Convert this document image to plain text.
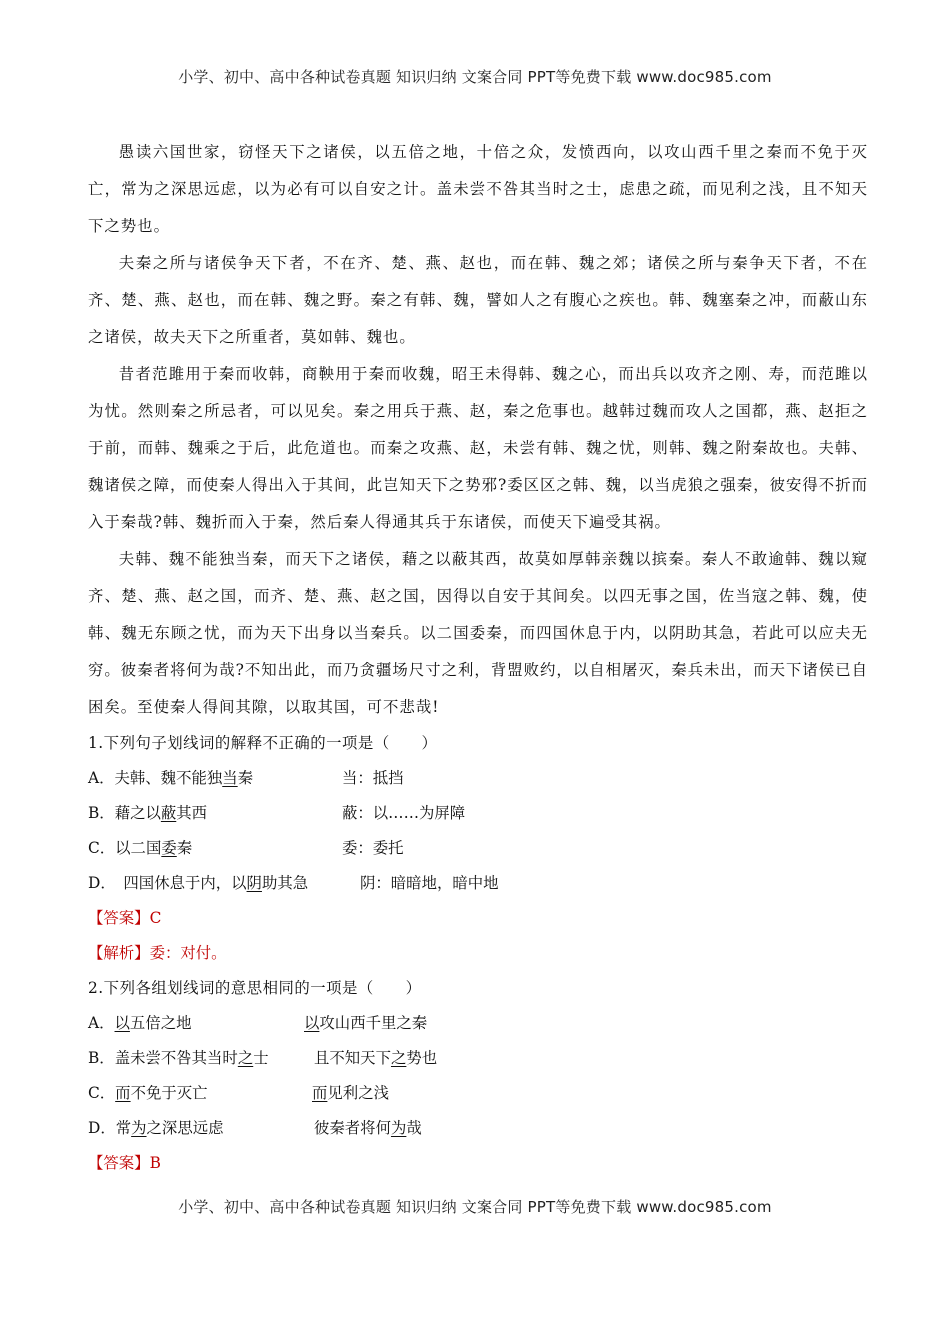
小学、初中、高中各种试卷真题 知识归纳 文案合同 PPT等免费下载 www.doc985.com

愚读六国世家，窃怪天下之诸侯，以五倍之地，十倍之众，发愤西向，以攻山西千里之秦而不免于灭亡，常为之深思远虑，以为必有可以自安之计。盖未尝不咎其当时之士，虑患之疏，而见利之浅，且不知天下之势也。

夫秦之所与诸侯争天下者，不在齐、楚、燕、赵也，而在韩、魏之郊；诸侯之所与秦争天下者，不在齐、楚、燕、赵也，而在韩、魏之野。秦之有韩、魏，譬如人之有腹心之疾也。韩、魏塞秦之冲，而蔽山东之诸侯，故夫天下之所重者，莫如韩、魏也。

昔者范雎用于秦而收韩，商鞅用于秦而收魏，昭王未得韩、魏之心，而出兵以攻齐之刚、寿，而范雎以为忧。然则秦之所忌者，可以见矣。秦之用兵于燕、赵，秦之危事也。越韩过魏而攻人之国都，燕、赵拒之于前，而韩、魏乘之于后，此危道也。而秦之攻燕、赵，未尝有韩、魏之忧，则韩、魏之附秦故也。夫韩、魏诸侯之障，而使秦人得出入于其间，此岂知天下之势邪?委区区之韩、魏，以当虎狼之强秦，彼安得不折而入于秦哉?韩、魏折而入于秦，然后秦人得通其兵于东诸侯，而使天下遍受其祸。

夫韩、魏不能独当秦，而天下之诸侯，藉之以蔽其西，故莫如厚韩亲魏以摈秦。秦人不敢逾韩、魏以窥齐、楚、燕、赵之国，而齐、楚、燕、赵之国，因得以自安于其间矣。以四无事之国，佐当寇之韩、魏，使韩、魏无东顾之忧，而为天下出身以当秦兵。以二国委秦，而四国休息于内，以阴助其急，若此可以应夫无穷。彼秦者将何为哉?不知出此，而乃贪疆场尺寸之利，背盟败约，以自相屠灭，秦兵未出，而天下诸侯已自困矣。至使秦人得间其隙，以取其国，可不悲哉!

1.下列句子划线词的解释不正确的一项是（　　）
A．夫韩、魏不能独当秦	当：抵挡
B．藉之以蔽其西	蔽：以……为屏障
C．以二国委秦	委：委托
D．　四国休息于内，以阴助其急	阴：暗暗地，暗中地
【答案】C
【解析】委：对付。
2.下列各组划线词的意思相同的一项是（　　）
A．以五倍之地	以攻山西千里之秦
B．盖未尝不咎其当时之士	且不知天下之势也
C．而不免于灭亡	而见利之浅
D．常为之深思远虑	彼秦者将何为哉
【答案】B
小学、初中、高中各种试卷真题 知识归纳 文案合同 PPT等免费下载 www.doc985.com
